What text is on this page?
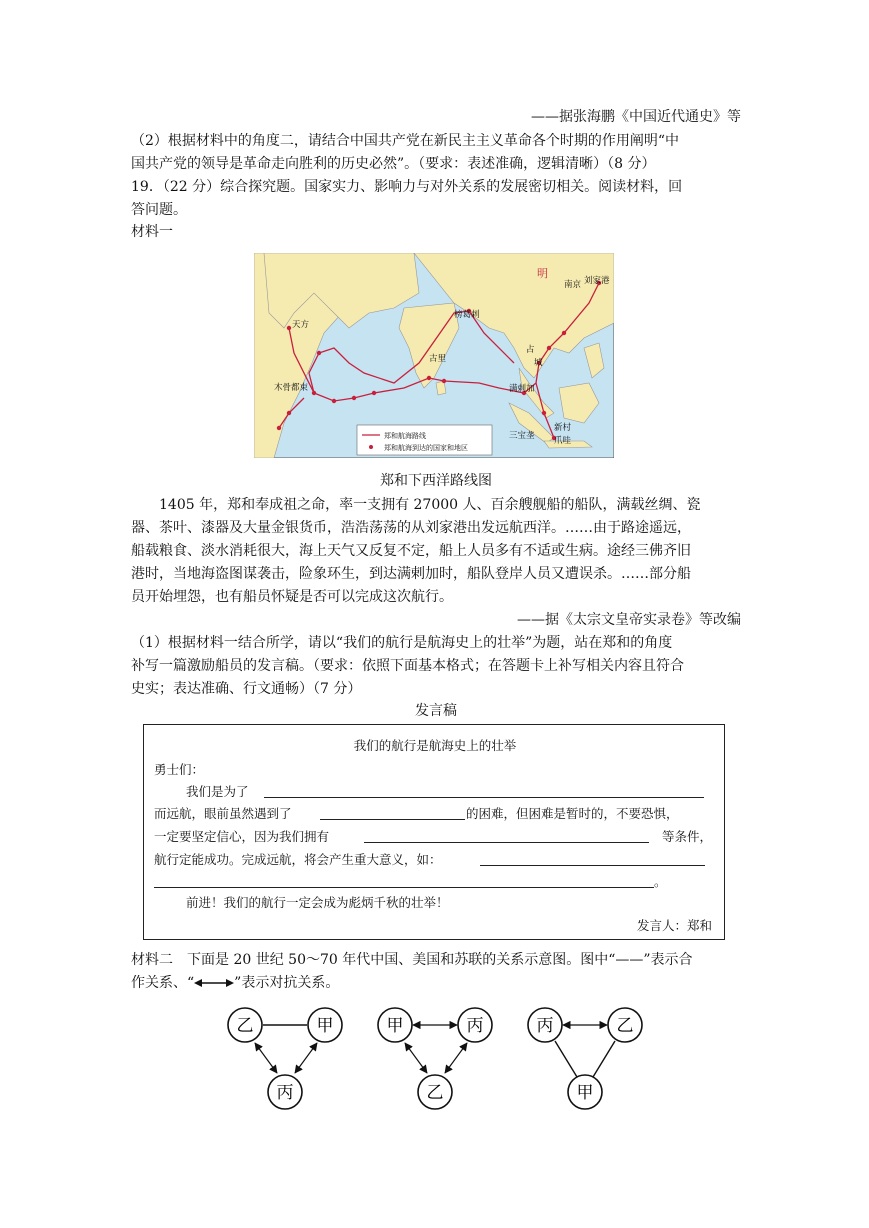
——据张海鹏《中国近代通史》等
（2）根据材料中的角度二，请结合中国共产党在新民主主义革命各个时期的作用阐明“中
国共产党的领导是革命走向胜利的历史必然”。（要求：表述准确，逻辑清晰）（8 分）
19．（22 分）综合探究题。国家实力、影响力与对外关系的发展密切相关。阅读材料，回
答问题。
材料一
明
南京 刘家港
天方
榜葛剌
古里
占
城
木骨都束	满剌加
三宝垄
新村
爪哇
郑和航海路线
郑和航海到达的国家和地区
郑和下西洋路线图
1405 年，郑和奉成祖之命，率一支拥有 27000 人、百余艘舰船的船队，满载丝绸、瓷
器、茶叶、漆器及大量金银货币，浩浩荡荡的从刘家港出发远航西洋。……由于路途遥远，
船载粮食、淡水消耗很大，海上天气又反复不定，船上人员多有不适或生病。途经三佛齐旧
港时，当地海盗图谋袭击，险象环生，到达满剌加时，船队登岸人员又遭误杀。……部分船
员开始埋怨，也有船员怀疑是否可以完成这次航行。
——据《太宗文皇帝实录卷》等改编
（1）根据材料一结合所学，请以“我们的航行是航海史上的壮举”为题，站在郑和的角度
补写一篇激励船员的发言稿。（要求：依照下面基本格式；在答题卡上补写相关内容且符合
史实；表达准确、行文通畅）（7 分）
发言稿
我们的航行是航海史上的壮举
勇士们：
我们是为了
而远航，眼前虽然遇到了	的困难，但困难是暂时的，不要恐惧，
一定要坚定信心，因为我们拥有	等条件，
航行定能成功。完成远航，将会产生重大意义，如：
。
前进！我们的航行一定会成为彪炳千秋的壮举！
发言人：郑和
材料二　下面是 20 世纪 50～70 年代中国、美国和苏联的关系示意图。图中“——”表示合
作关系、“	”表示对抗关系。
乙	甲
丙
甲	丙
乙
丙	乙
甲
